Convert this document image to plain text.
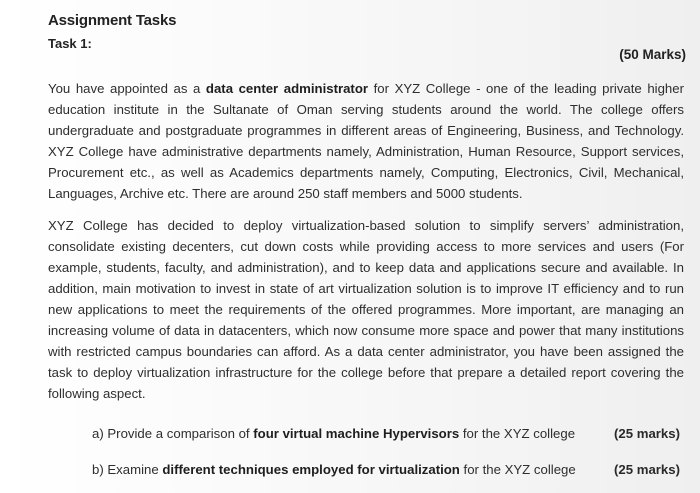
Assignment Tasks
Task 1:
(50 Marks)
You have appointed as a data center administrator for XYZ College - one of the leading private higher education institute in the Sultanate of Oman serving students around the world. The college offers undergraduate and postgraduate programmes in different areas of Engineering, Business, and Technology. XYZ College have administrative departments namely, Administration, Human Resource, Support services, Procurement etc., as well as Academics departments namely, Computing, Electronics, Civil, Mechanical, Languages, Archive etc. There are around 250 staff members and 5000 students.
XYZ College has decided to deploy virtualization-based solution to simplify servers’ administration, consolidate existing decenters, cut down costs while providing access to more services and users (For example, students, faculty, and administration), and to keep data and applications secure and available. In addition, main motivation to invest in state of art virtualization solution is to improve IT efficiency and to run new applications to meet the requirements of the offered programmes. More important, are managing an increasing volume of data in datacenters, which now consume more space and power that many institutions with restricted campus boundaries can afford. As a data center administrator, you have been assigned the task to deploy virtualization infrastructure for the college before that prepare a detailed report covering the following aspect.
a) Provide a comparison of four virtual machine Hypervisors for the XYZ college	(25 marks)
b) Examine different techniques employed for virtualization for the XYZ college	(25 marks)
